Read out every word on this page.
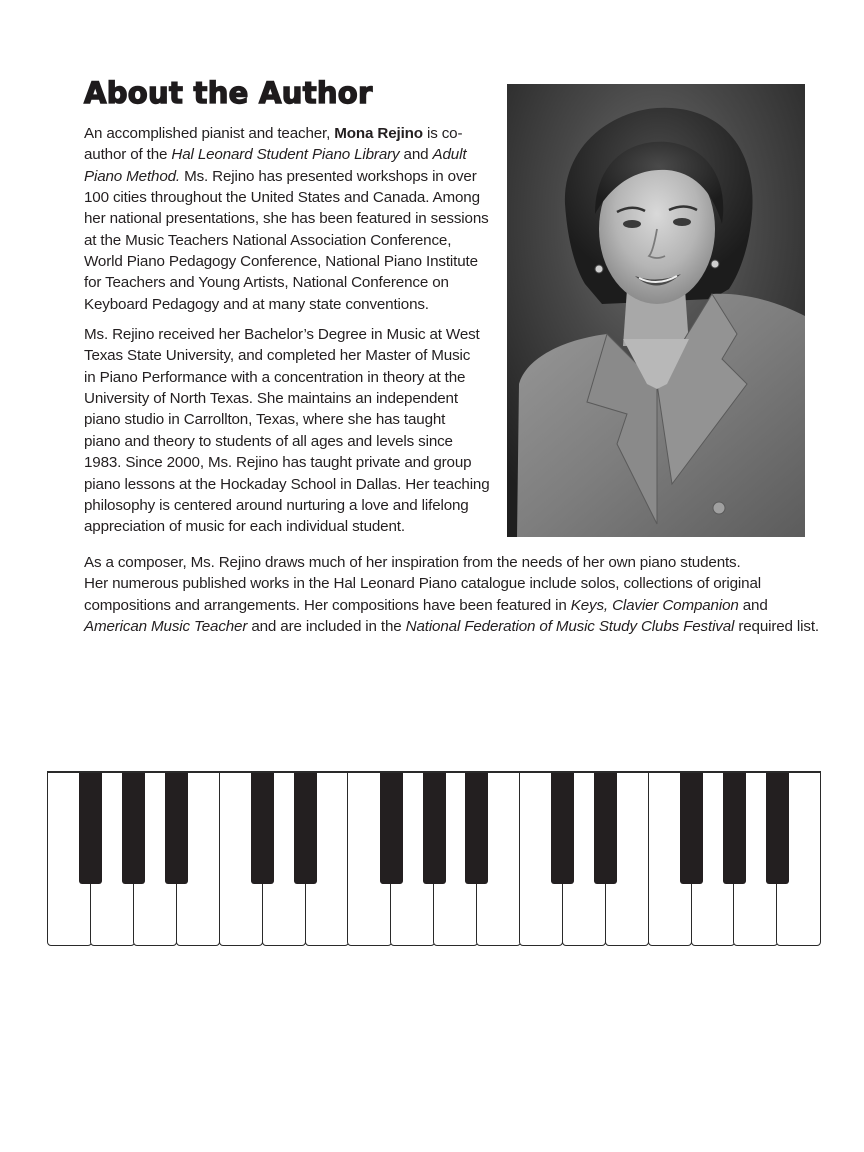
About the Author

An accomplished pianist and teacher, Mona Rejino is co-
author of the Hal Leonard Student Piano Library and Adult
Piano Method. Ms. Rejino has presented workshops in over
100 cities throughout the United States and Canada. Among
her national presentations, she has been featured in sessions
at the Music Teachers National Association Conference,
World Piano Pedagogy Conference, National Piano Institute
for Teachers and Young Artists, National Conference on
Keyboard Pedagogy and at many state conventions.

Ms. Rejino received her Bachelor’s Degree in Music at West
Texas State University, and completed her Master of Music
in Piano Performance with a concentration in theory at the
University of North Texas. She maintains an independent
piano studio in Carrollton, Texas, where she has taught
piano and theory to students of all ages and levels since
1983. Since 2000, Ms. Rejino has taught private and group
piano lessons at the Hockaday School in Dallas. Her teaching
philosophy is centered around nurturing a love and lifelong
appreciation of music for each individual student.

As a composer, Ms. Rejino draws much of her inspiration from the needs of her own piano students.
Her numerous published works in the Hal Leonard Piano catalogue include solos, collections of original
compositions and arrangements. Her compositions have been featured in Keys, Clavier Companion and
American Music Teacher and are included in the National Federation of Music Study Clubs Festival required list.
